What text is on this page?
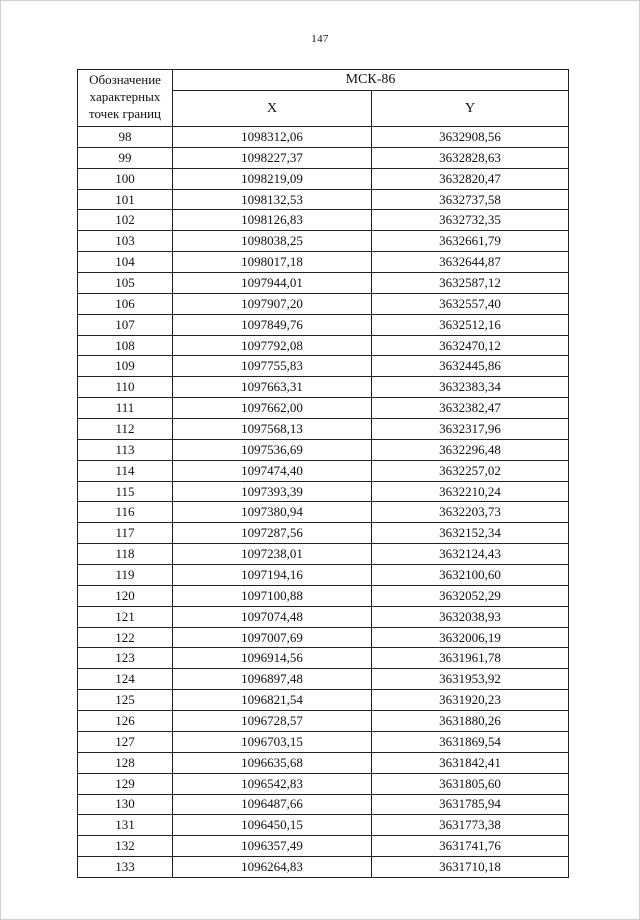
147
Обозначение характерных точек границ	МСК-86	
	X	Y
98	1098312,06	3632908,56
99	1098227,37	3632828,63
100	1098219,09	3632820,47
101	1098132,53	3632737,58
102	1098126,83	3632732,35
103	1098038,25	3632661,79
104	1098017,18	3632644,87
105	1097944,01	3632587,12
106	1097907,20	3632557,40
107	1097849,76	3632512,16
108	1097792,08	3632470,12
109	1097755,83	3632445,86
110	1097663,31	3632383,34
111	1097662,00	3632382,47
112	1097568,13	3632317,96
113	1097536,69	3632296,48
114	1097474,40	3632257,02
115	1097393,39	3632210,24
116	1097380,94	3632203,73
117	1097287,56	3632152,34
118	1097238,01	3632124,43
119	1097194,16	3632100,60
120	1097100,88	3632052,29
121	1097074,48	3632038,93
122	1097007,69	3632006,19
123	1096914,56	3631961,78
124	1096897,48	3631953,92
125	1096821,54	3631920,23
126	1096728,57	3631880,26
127	1096703,15	3631869,54
128	1096635,68	3631842,41
129	1096542,83	3631805,60
130	1096487,66	3631785,94
131	1096450,15	3631773,38
132	1096357,49	3631741,76
133	1096264,83	3631710,18
